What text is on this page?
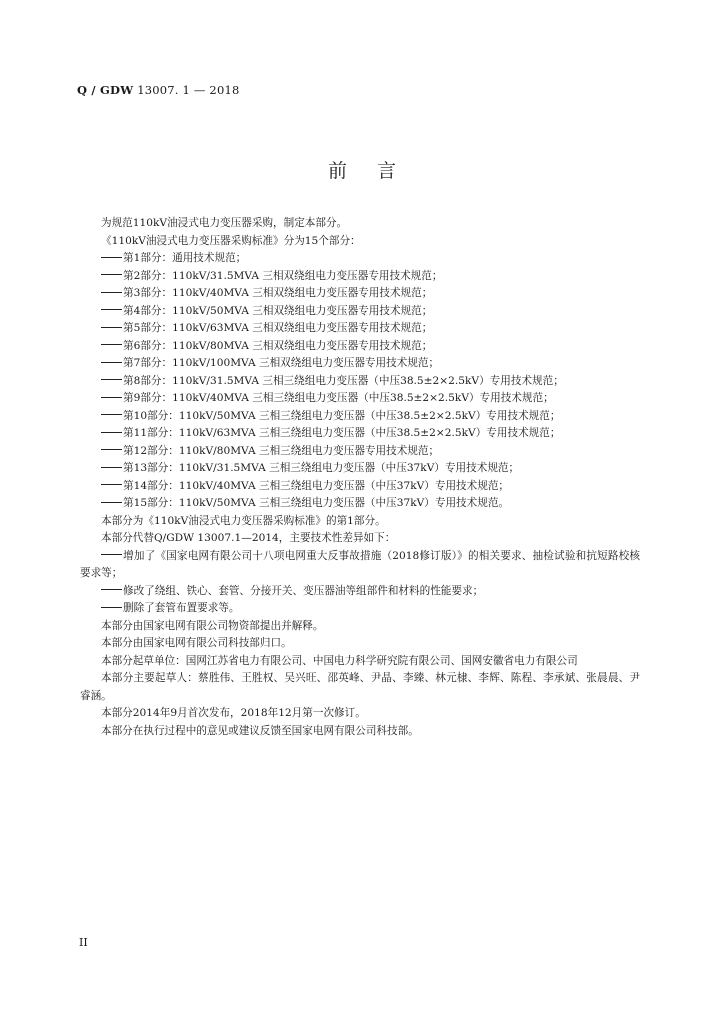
Q / GDW 13007. 1 — 2018
前言

为规范110kV油浸式电力变压器采购，制定本部分。

《110kV油浸式电力变压器采购标准》分为15个部分：

第1部分：通用技术规范；

第2部分：110kV/31.5MVA 三相双绕组电力变压器专用技术规范；

第3部分：110kV/40MVA 三相双绕组电力变压器专用技术规范；

第4部分：110kV/50MVA 三相双绕组电力变压器专用技术规范；

第5部分：110kV/63MVA 三相双绕组电力变压器专用技术规范；

第6部分：110kV/80MVA 三相双绕组电力变压器专用技术规范；

第7部分：110kV/100MVA 三相双绕组电力变压器专用技术规范；

第8部分：110kV/31.5MVA 三相三绕组电力变压器（中压38.5±2×2.5kV）专用技术规范；

第9部分：110kV/40MVA 三相三绕组电力变压器（中压38.5±2×2.5kV）专用技术规范；

第10部分：110kV/50MVA 三相三绕组电力变压器（中压38.5±2×2.5kV）专用技术规范；

第11部分：110kV/63MVA 三相三绕组电力变压器（中压38.5±2×2.5kV）专用技术规范；

第12部分：110kV/80MVA 三相三绕组电力变压器专用技术规范；

第13部分：110kV/31.5MVA 三相三绕组电力变压器（中压37kV）专用技术规范；

第14部分：110kV/40MVA 三相三绕组电力变压器（中压37kV）专用技术规范；

第15部分：110kV/50MVA 三相三绕组电力变压器（中压37kV）专用技术规范。

本部分为《110kV油浸式电力变压器采购标准》的第1部分。

本部分代替Q/GDW 13007.1—2014，主要技术性差异如下：

增加了《国家电网有限公司十八项电网重大反事故措施（2018修订版）》的相关要求、抽检试验和抗短路校核要求等；

修改了绕组、铁心、套管、分接开关、变压器油等组部件和材料的性能要求；

删除了套管布置要求等。

本部分由国家电网有限公司物资部提出并解释。

本部分由国家电网有限公司科技部归口。

本部分起草单位：国网江苏省电力有限公司、中国电力科学研究院有限公司、国网安徽省电力有限公司

本部分主要起草人：蔡胜伟、王胜权、吴兴旺、邵英峰、尹晶、李臻、林元棣、李辉、陈程、李承斌、张晨晨、尹睿涵。

本部分2014年9月首次发布，2018年12月第一次修订。

本部分在执行过程中的意见或建议反馈至国家电网有限公司科技部。

II
